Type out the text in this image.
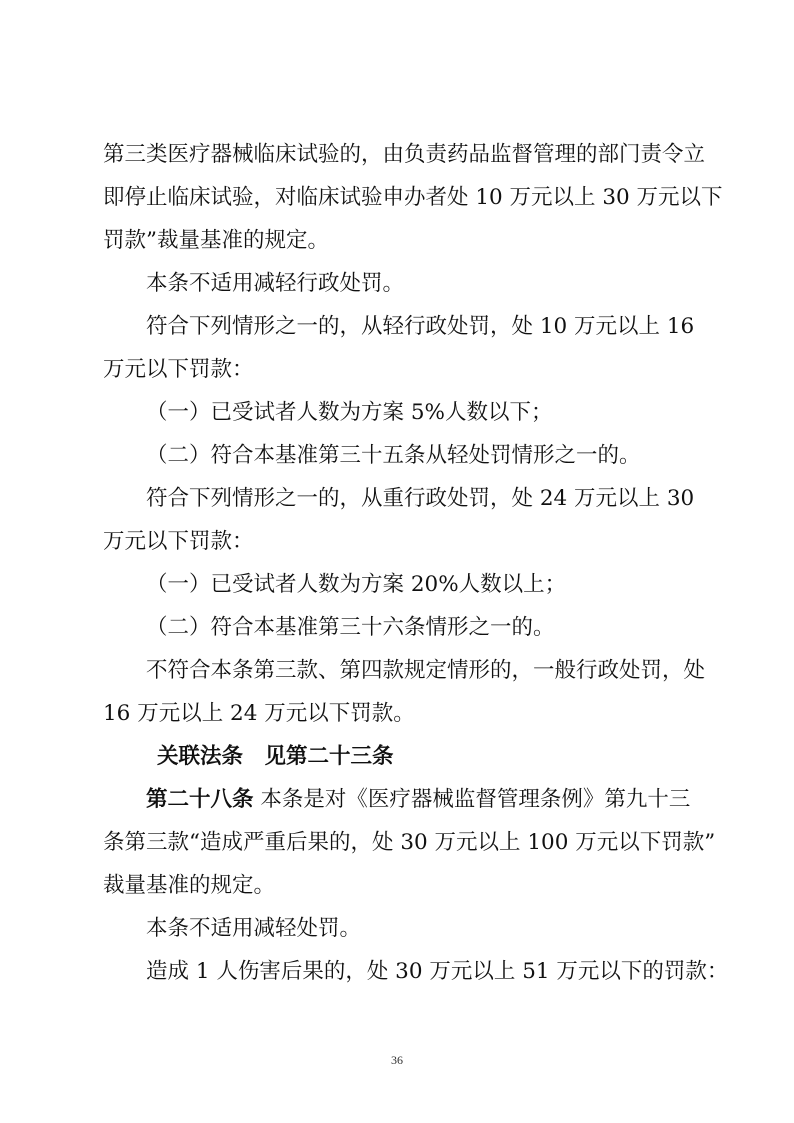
第三类医疗器械临床试验的，由负责药品监督管理的部门责令立
即停止临床试验，对临床试验申办者处 10 万元以上 30 万元以下
罚款”裁量基准的规定。
本条不适用减轻行政处罚。
符合下列情形之一的，从轻行政处罚，处 10 万元以上 16
万元以下罚款：
（一）已受试者人数为方案 5%人数以下；
（二）符合本基准第三十五条从轻处罚情形之一的。
符合下列情形之一的，从重行政处罚，处 24 万元以上 30
万元以下罚款：
（一）已受试者人数为方案 20%人数以上；
（二）符合本基准第三十六条情形之一的。
不符合本条第三款、第四款规定情形的，一般行政处罚，处
16 万元以上 24 万元以下罚款。
关联法条　见第二十三条
第二十八条 本条是对《医疗器械监督管理条例》第九十三
条第三款“造成严重后果的，处 30 万元以上 100 万元以下罚款”
裁量基准的规定。
本条不适用减轻处罚。
造成 1 人伤害后果的，处 30 万元以上 51 万元以下的罚款：
36
